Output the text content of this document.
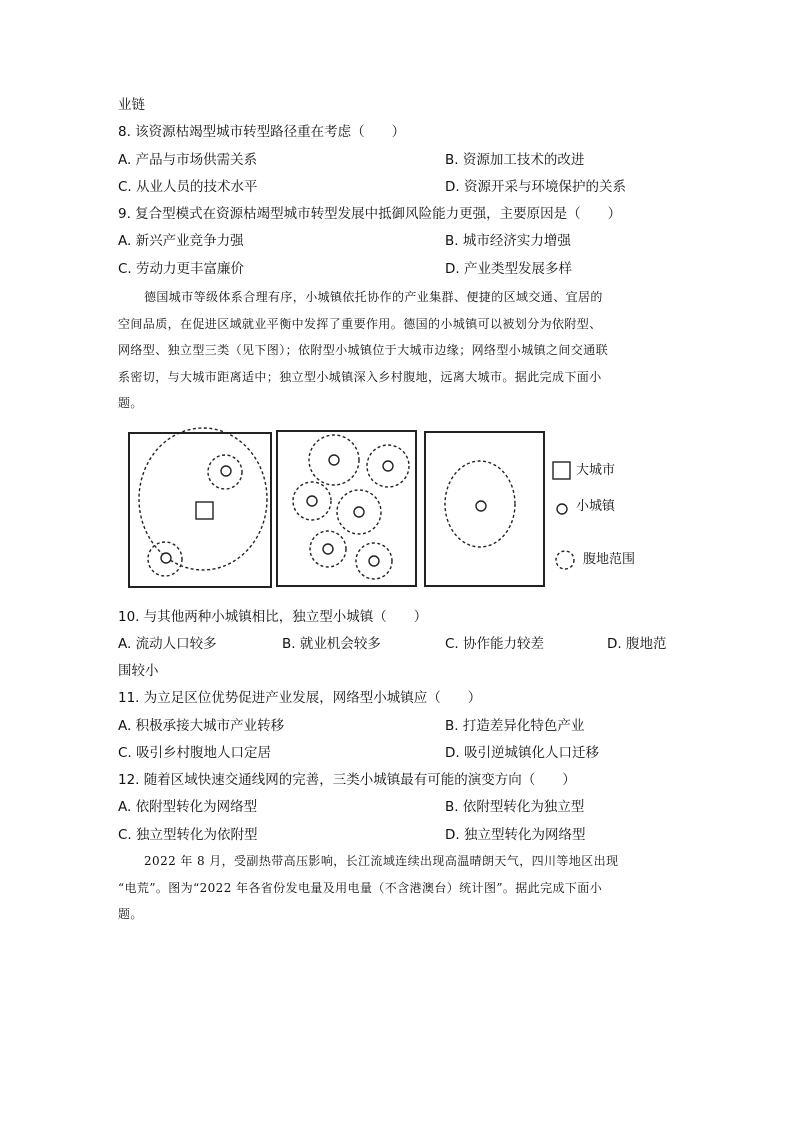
业链
8. 该资源枯竭型城市转型路径重在考虑（　　）
A. 产品与市场供需关系	B. 资源加工技术的改进
C. 从业人员的技术水平	D. 资源开采与环境保护的关系
9. 复合型模式在资源枯竭型城市转型发展中抵御风险能力更强，主要原因是（　　）
A. 新兴产业竞争力强	B. 城市经济实力增强
C. 劳动力更丰富廉价	D. 产业类型发展多样
德国城市等级体系合理有序，小城镇依托协作的产业集群、便捷的区域交通、宜居的
空间品质，在促进区域就业平衡中发挥了重要作用。德国的小城镇可以被划分为依附型、
网络型、独立型三类（见下图）；依附型小城镇位于大城市边缘；网络型小城镇之间交通联
系密切，与大城市距离适中；独立型小城镇深入乡村腹地，远离大城市。据此完成下面小
题。
大城市
小城镇
腹地范围
10. 与其他两种小城镇相比，独立型小城镇（　　）
A. 流动人口较多	B. 就业机会较多	C. 协作能力较差	D. 腹地范
围较小
11. 为立足区位优势促进产业发展，网络型小城镇应（　　）
A. 积极承接大城市产业转移	B. 打造差异化特色产业
C. 吸引乡村腹地人口定居	D. 吸引逆城镇化人口迁移
12. 随着区域快速交通线网的完善，三类小城镇最有可能的演变方向（　　）
A. 依附型转化为网络型	B. 依附型转化为独立型
C. 独立型转化为依附型	D. 独立型转化为网络型
2022 年 8 月，受副热带高压影响，长江流域连续出现高温晴朗天气，四川等地区出现
“电荒”。图为“2022 年各省份发电量及用电量（不含港澳台）统计图”。据此完成下面小
题。
